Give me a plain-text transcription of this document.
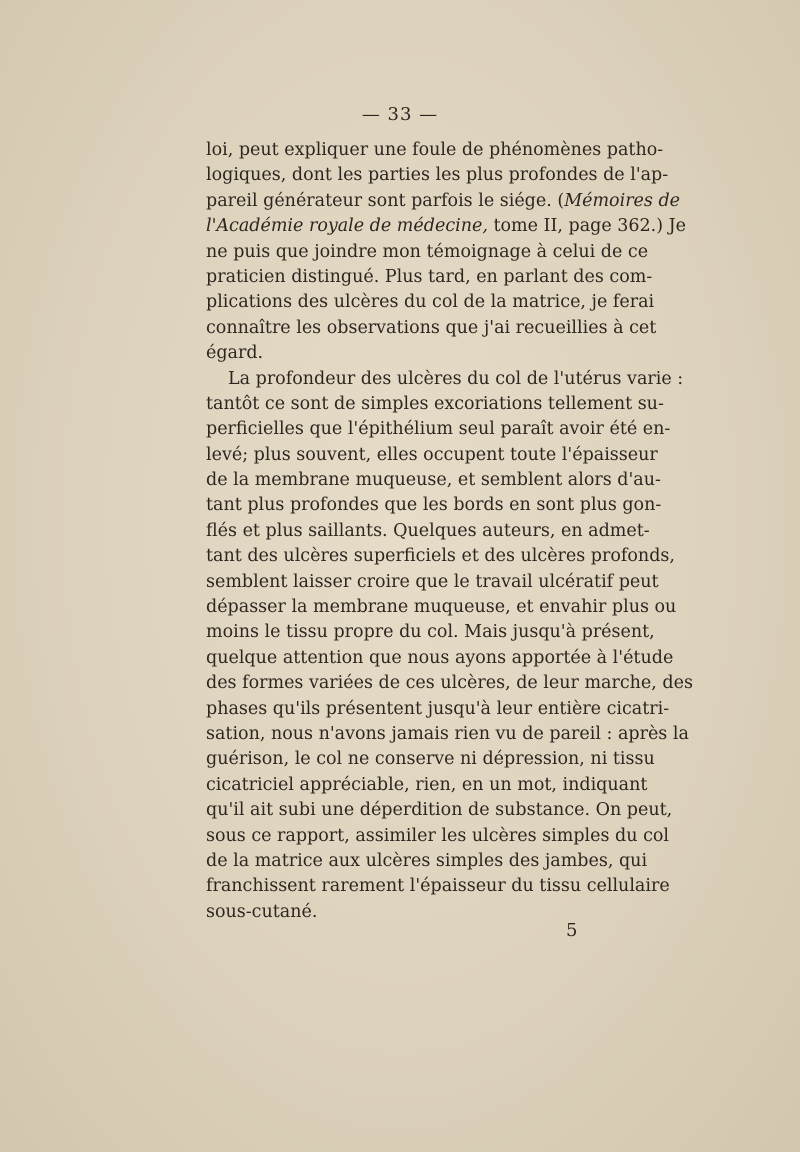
— 33 —
loi, peut expliquer une foule de phénomènes patho-
logiques, dont les parties les plus profondes de l'ap-
pareil générateur sont parfois le siége. (Mémoires de
l'Académie royale de médecine, tome II, page 362.) Je
ne puis que joindre mon témoignage à celui de ce
praticien distingué. Plus tard, en parlant des com-
plications des ulcères du col de la matrice, je ferai
connaître les observations que j'ai recueillies à cet
égard.
La profondeur des ulcères du col de l'utérus varie :
tantôt ce sont de simples excoriations tellement su-
perficielles que l'épithélium seul paraît avoir été en-
levé; plus souvent, elles occupent toute l'épaisseur
de la membrane muqueuse, et semblent alors d'au-
tant plus profondes que les bords en sont plus gon-
flés et plus saillants. Quelques auteurs, en admet-
tant des ulcères superficiels et des ulcères profonds,
semblent laisser croire que le travail ulcératif peut
dépasser la membrane muqueuse, et envahir plus ou
moins le tissu propre du col. Mais jusqu'à présent,
quelque attention que nous ayons apportée à l'étude
des formes variées de ces ulcères, de leur marche, des
phases qu'ils présentent jusqu'à leur entière cicatri-
sation, nous n'avons jamais rien vu de pareil : après la
guérison, le col ne conserve ni dépression, ni tissu
cicatriciel appréciable, rien, en un mot, indiquant
qu'il ait subi une déperdition de substance. On peut,
sous ce rapport, assimiler les ulcères simples du col
de la matrice aux ulcères simples des jambes, qui
franchissent rarement l'épaisseur du tissu cellulaire
sous-cutané.
5
